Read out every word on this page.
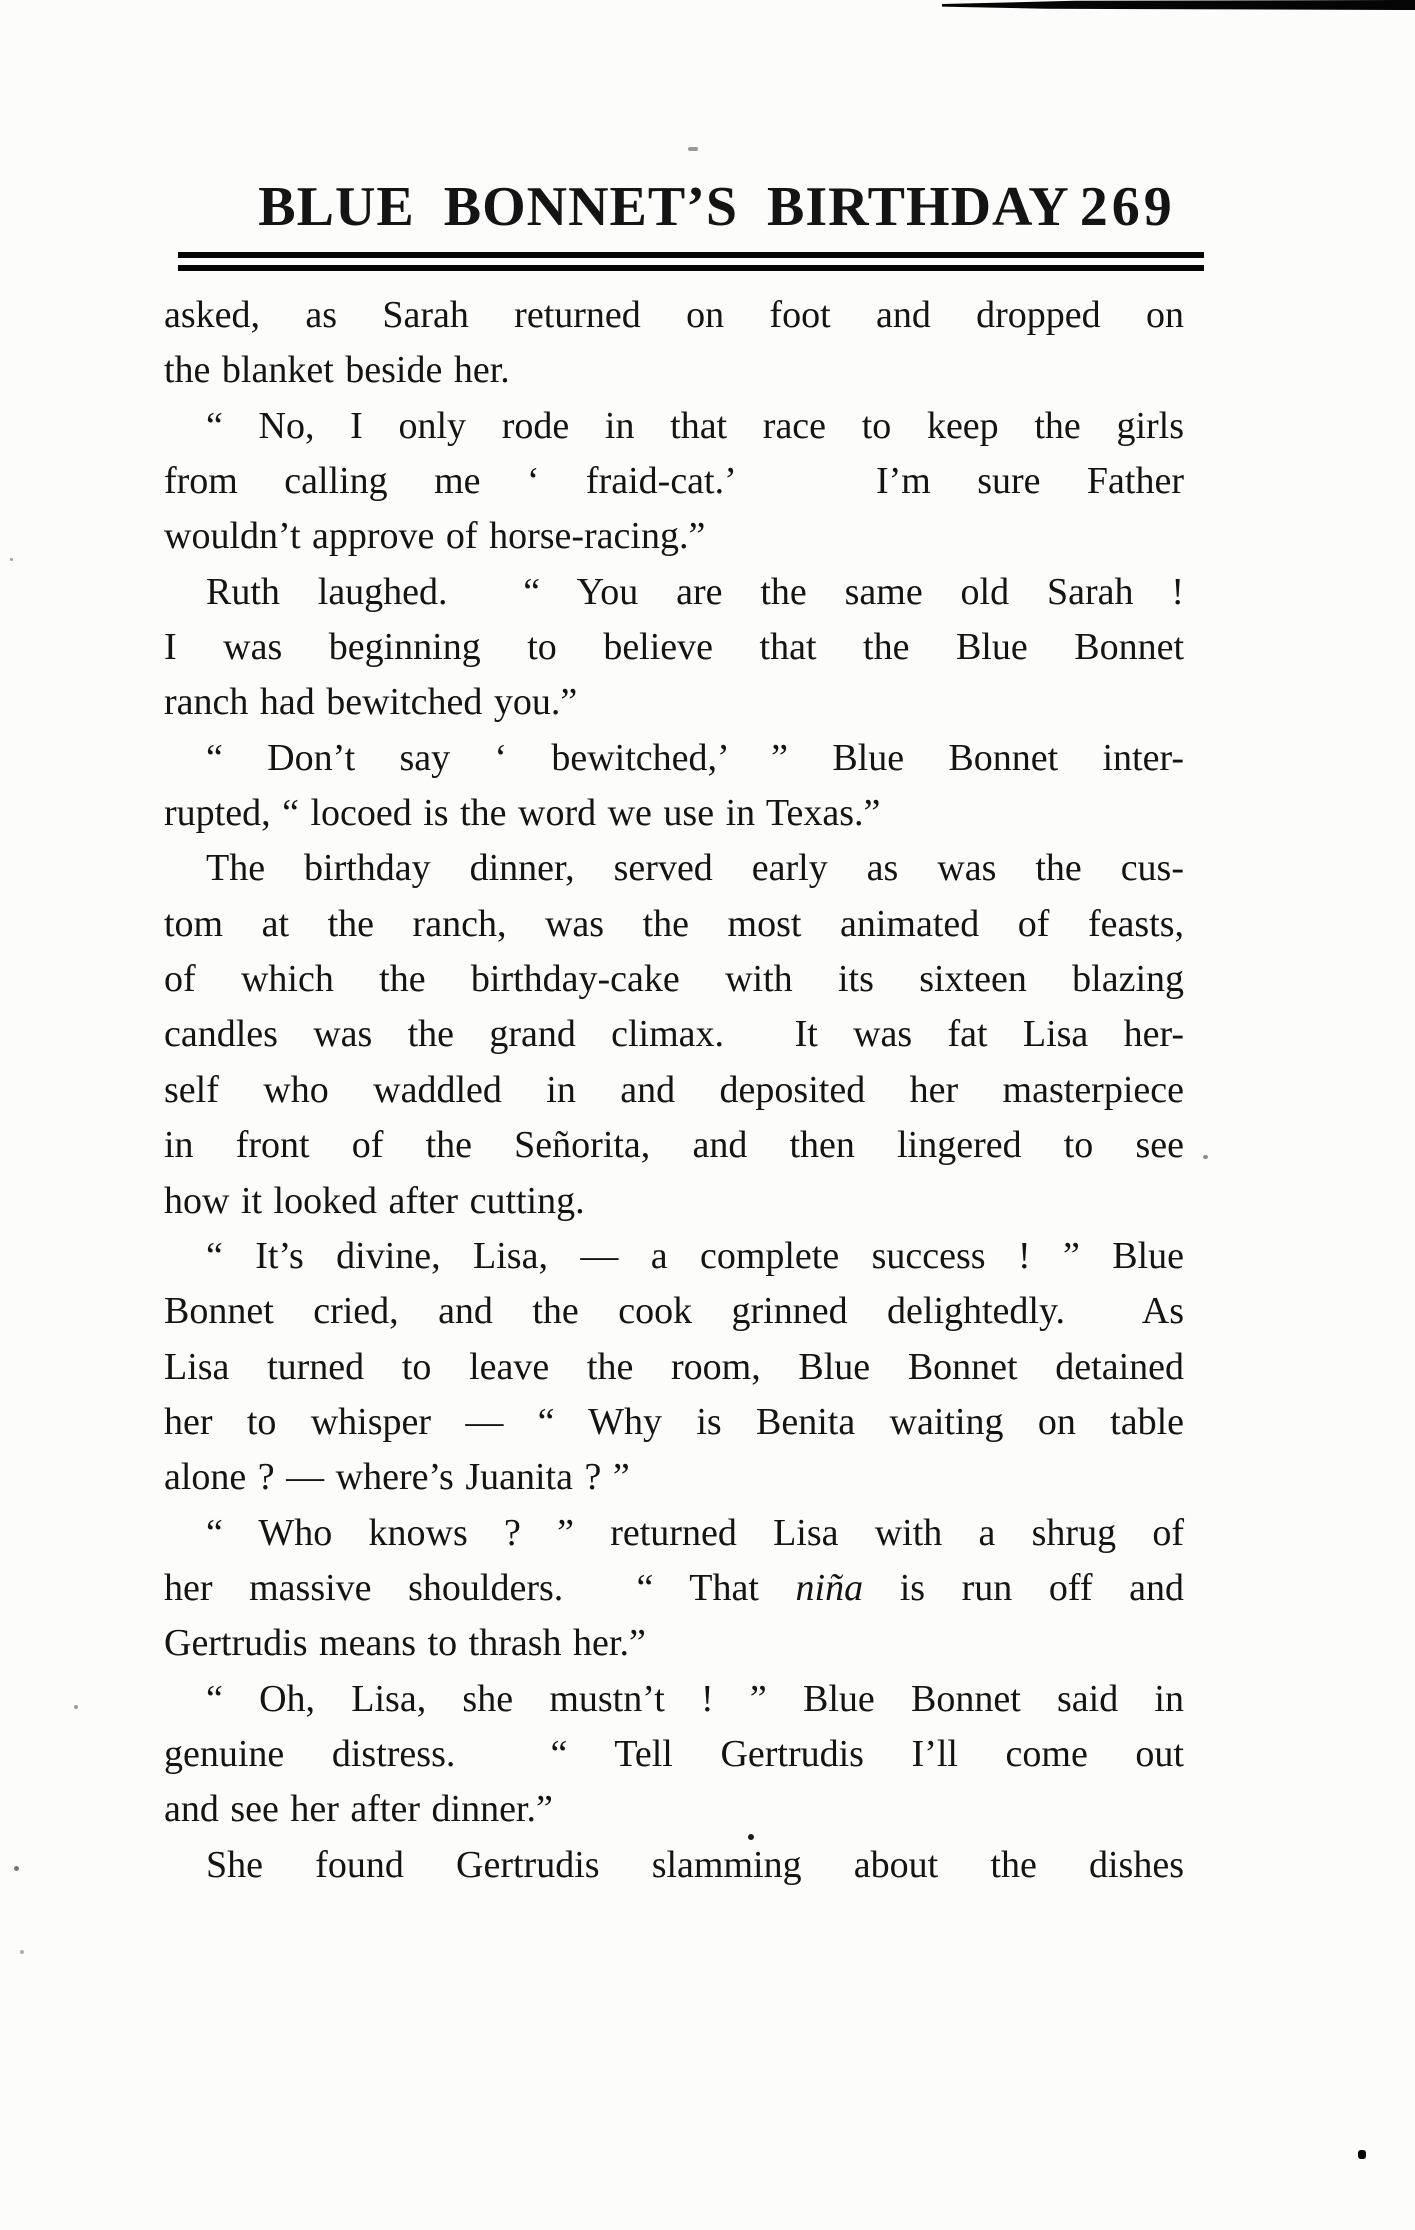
BLUE BONNET’S BIRTHDAY 269
asked, as Sarah returned on foot and dropped on
the blanket beside her.
“ No, I only rode in that race to keep the girls
from calling me ‘ fraid-cat.’   I’m sure Father
wouldn’t approve of horse-racing.”
Ruth laughed.  “ You are the same old Sarah !
I was beginning to believe that the Blue Bonnet
ranch had bewitched you.”
“ Don’t say ‘ bewitched,’ ” Blue Bonnet inter-
rupted, “ locoed is the word we use in Texas.”
The birthday dinner, served early as was the cus-
tom at the ranch, was the most animated of feasts,
of which the birthday-cake with its sixteen blazing
candles was the grand climax.  It was fat Lisa her-
self who waddled in and deposited her masterpiece
in front of the Señorita, and then lingered to see
how it looked after cutting.
“ It’s divine, Lisa, — a complete success ! ” Blue
Bonnet cried, and the cook grinned delightedly.  As
Lisa turned to leave the room, Blue Bonnet detained
her to whisper — “ Why is Benita waiting on table
alone ? — where’s Juanita ? ”
“ Who knows ? ” returned Lisa with a shrug of
her massive shoulders.  “ That niña is run off and
Gertrudis means to thrash her.”
“ Oh, Lisa, she mustn’t ! ” Blue Bonnet said in
genuine distress.  “ Tell Gertrudis I’ll come out
and see her after dinner.”
She found Gertrudis slamming about the dishes
